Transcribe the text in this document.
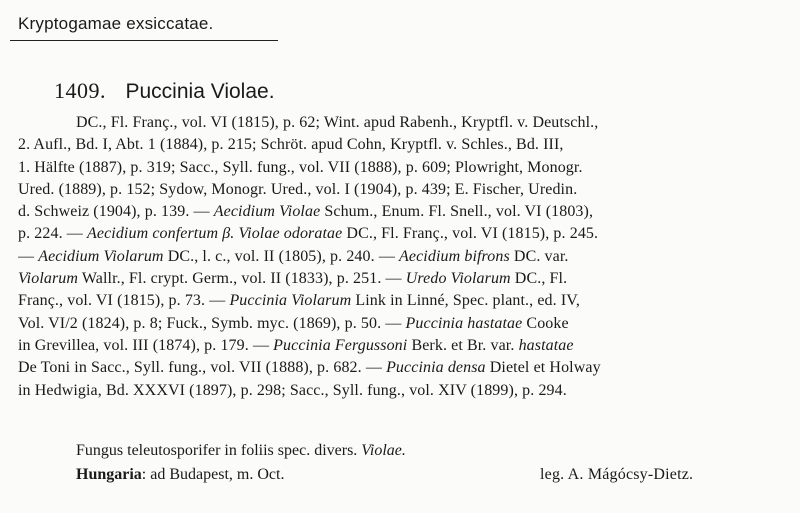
Kryptogamae exsiccatae.
1409. Puccinia Violae.
DC., Fl. Franç., vol. VI (1815), p. 62; Wint. apud Rabenh., Kryptfl. v. Deutschl.,
2. Aufl., Bd. I, Abt. 1 (1884), p. 215; Schröt. apud Cohn, Kryptfl. v. Schles., Bd. III,
1. Hälfte (1887), p. 319; Sacc., Syll. fung., vol. VII (1888), p. 609; Plowright, Monogr.
Ured. (1889), p. 152; Sydow, Monogr. Ured., vol. I (1904), p. 439; E. Fischer, Uredin.
d. Schweiz (1904), p. 139. — Aecidium Violae Schum., Enum. Fl. Snell., vol. VI (1803),
p. 224. — Aecidium confertum β. Violae odoratae DC., Fl. Franç., vol. VI (1815), p. 245.
— Aecidium Violarum DC., l. c., vol. II (1805), p. 240. — Aecidium bifrons DC. var.
Violarum Wallr., Fl. crypt. Germ., vol. II (1833), p. 251. — Uredo Violarum DC., Fl.
Franç., vol. VI (1815), p. 73. — Puccinia Violarum Link in Linné, Spec. plant., ed. IV,
Vol. VI/2 (1824), p. 8; Fuck., Symb. myc. (1869), p. 50. — Puccinia hastatae Cooke
in Grevillea, vol. III (1874), p. 179. — Puccinia Fergussoni Berk. et Br. var. hastatae
De Toni in Sacc., Syll. fung., vol. VII (1888), p. 682. — Puccinia densa Dietel et Holway
in Hedwigia, Bd. XXXVI (1897), p. 298; Sacc., Syll. fung., vol. XIV (1899), p. 294.
Fungus teleutosporifer in foliis spec. divers. Violae.
Hungaria: ad Budapest, m. Oct.	leg. A. Mágócsy-Dietz.
